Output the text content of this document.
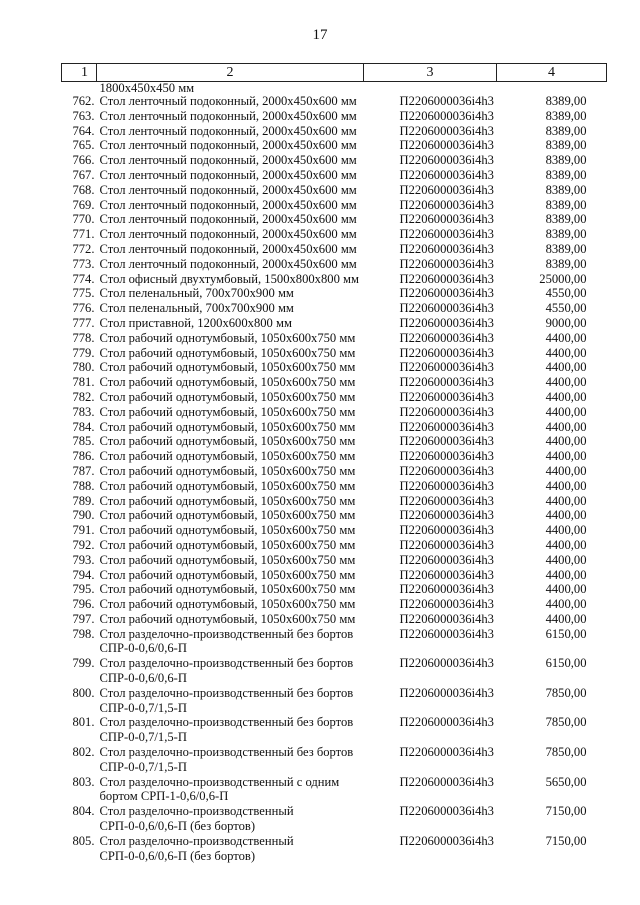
17
1	2	3	4
	1800x450x450 мм		
762.	Стол ленточный подоконный, 2000x450x600 мм	П2206000036і4h3	8389,00
763.	Стол ленточный подоконный, 2000x450x600 мм	П2206000036і4h3	8389,00
764.	Стол ленточный подоконный, 2000x450x600 мм	П2206000036і4h3	8389,00
765.	Стол ленточный подоконный, 2000x450x600 мм	П2206000036і4h3	8389,00
766.	Стол ленточный подоконный, 2000x450x600 мм	П2206000036і4h3	8389,00
767.	Стол ленточный подоконный, 2000x450x600 мм	П2206000036і4h3	8389,00
768.	Стол ленточный подоконный, 2000x450x600 мм	П2206000036і4h3	8389,00
769.	Стол ленточный подоконный, 2000x450x600 мм	П2206000036і4h3	8389,00
770.	Стол ленточный подоконный, 2000x450x600 мм	П2206000036і4h3	8389,00
771.	Стол ленточный подоконный, 2000x450x600 мм	П2206000036і4h3	8389,00
772.	Стол ленточный подоконный, 2000x450x600 мм	П2206000036і4h3	8389,00
773.	Стол ленточный подоконный, 2000x450x600 мм	П2206000036і4h3	8389,00
774.	Стол офисный двухтумбовый, 1500x800x800 мм	П2206000036і4h3	25000,00
775.	Стол пеленальный, 700x700x900 мм	П2206000036і4h3	4550,00
776.	Стол пеленальный, 700x700x900 мм	П2206000036і4h3	4550,00
777.	Стол приставной, 1200x600x800 мм	П2206000036і4h3	9000,00
778.	Стол рабочий однотумбовый, 1050x600x750 мм	П2206000036і4h3	4400,00
779.	Стол рабочий однотумбовый, 1050x600x750 мм	П2206000036і4h3	4400,00
780.	Стол рабочий однотумбовый, 1050x600x750 мм	П2206000036і4h3	4400,00
781.	Стол рабочий однотумбовый, 1050x600x750 мм	П2206000036і4h3	4400,00
782.	Стол рабочий однотумбовый, 1050x600x750 мм	П2206000036і4h3	4400,00
783.	Стол рабочий однотумбовый, 1050x600x750 мм	П2206000036і4h3	4400,00
784.	Стол рабочий однотумбовый, 1050x600x750 мм	П2206000036і4h3	4400,00
785.	Стол рабочий однотумбовый, 1050x600x750 мм	П2206000036і4h3	4400,00
786.	Стол рабочий однотумбовый, 1050x600x750 мм	П2206000036і4h3	4400,00
787.	Стол рабочий однотумбовый, 1050x600x750 мм	П2206000036і4h3	4400,00
788.	Стол рабочий однотумбовый, 1050x600x750 мм	П2206000036і4h3	4400,00
789.	Стол рабочий однотумбовый, 1050x600x750 мм	П2206000036і4h3	4400,00
790.	Стол рабочий однотумбовый, 1050x600x750 мм	П2206000036і4h3	4400,00
791.	Стол рабочий однотумбовый, 1050x600x750 мм	П2206000036і4h3	4400,00
792.	Стол рабочий однотумбовый, 1050x600x750 мм	П2206000036і4h3	4400,00
793.	Стол рабочий однотумбовый, 1050x600x750 мм	П2206000036і4h3	4400,00
794.	Стол рабочий однотумбовый, 1050x600x750 мм	П2206000036і4h3	4400,00
795.	Стол рабочий однотумбовый, 1050x600x750 мм	П2206000036і4h3	4400,00
796.	Стол рабочий однотумбовый, 1050x600x750 мм	П2206000036і4h3	4400,00
797.	Стол рабочий однотумбовый, 1050x600x750 мм	П2206000036і4h3	4400,00
798.	Стол разделочно-производственный без бортов
СПР-0-0,6/0,6-П	П2206000036і4h3	6150,00
799.	Стол разделочно-производственный без бортов
СПР-0-0,6/0,6-П	П2206000036і4h3	6150,00
800.	Стол разделочно-производственный без бортов
СПР-0-0,7/1,5-П	П2206000036і4h3	7850,00
801.	Стол разделочно-производственный без бортов
СПР-0-0,7/1,5-П	П2206000036і4h3	7850,00
802.	Стол разделочно-производственный без бортов
СПР-0-0,7/1,5-П	П2206000036і4h3	7850,00
803.	Стол разделочно-производственный с одним
бортом СРП-1-0,6/0,6-П	П2206000036і4h3	5650,00
804.	Стол разделочно-производственный
СРП-0-0,6/0,6-П (без бортов)	П2206000036і4h3	7150,00
805.	Стол разделочно-производственный
СРП-0-0,6/0,6-П (без бортов)	П2206000036і4h3	7150,00
